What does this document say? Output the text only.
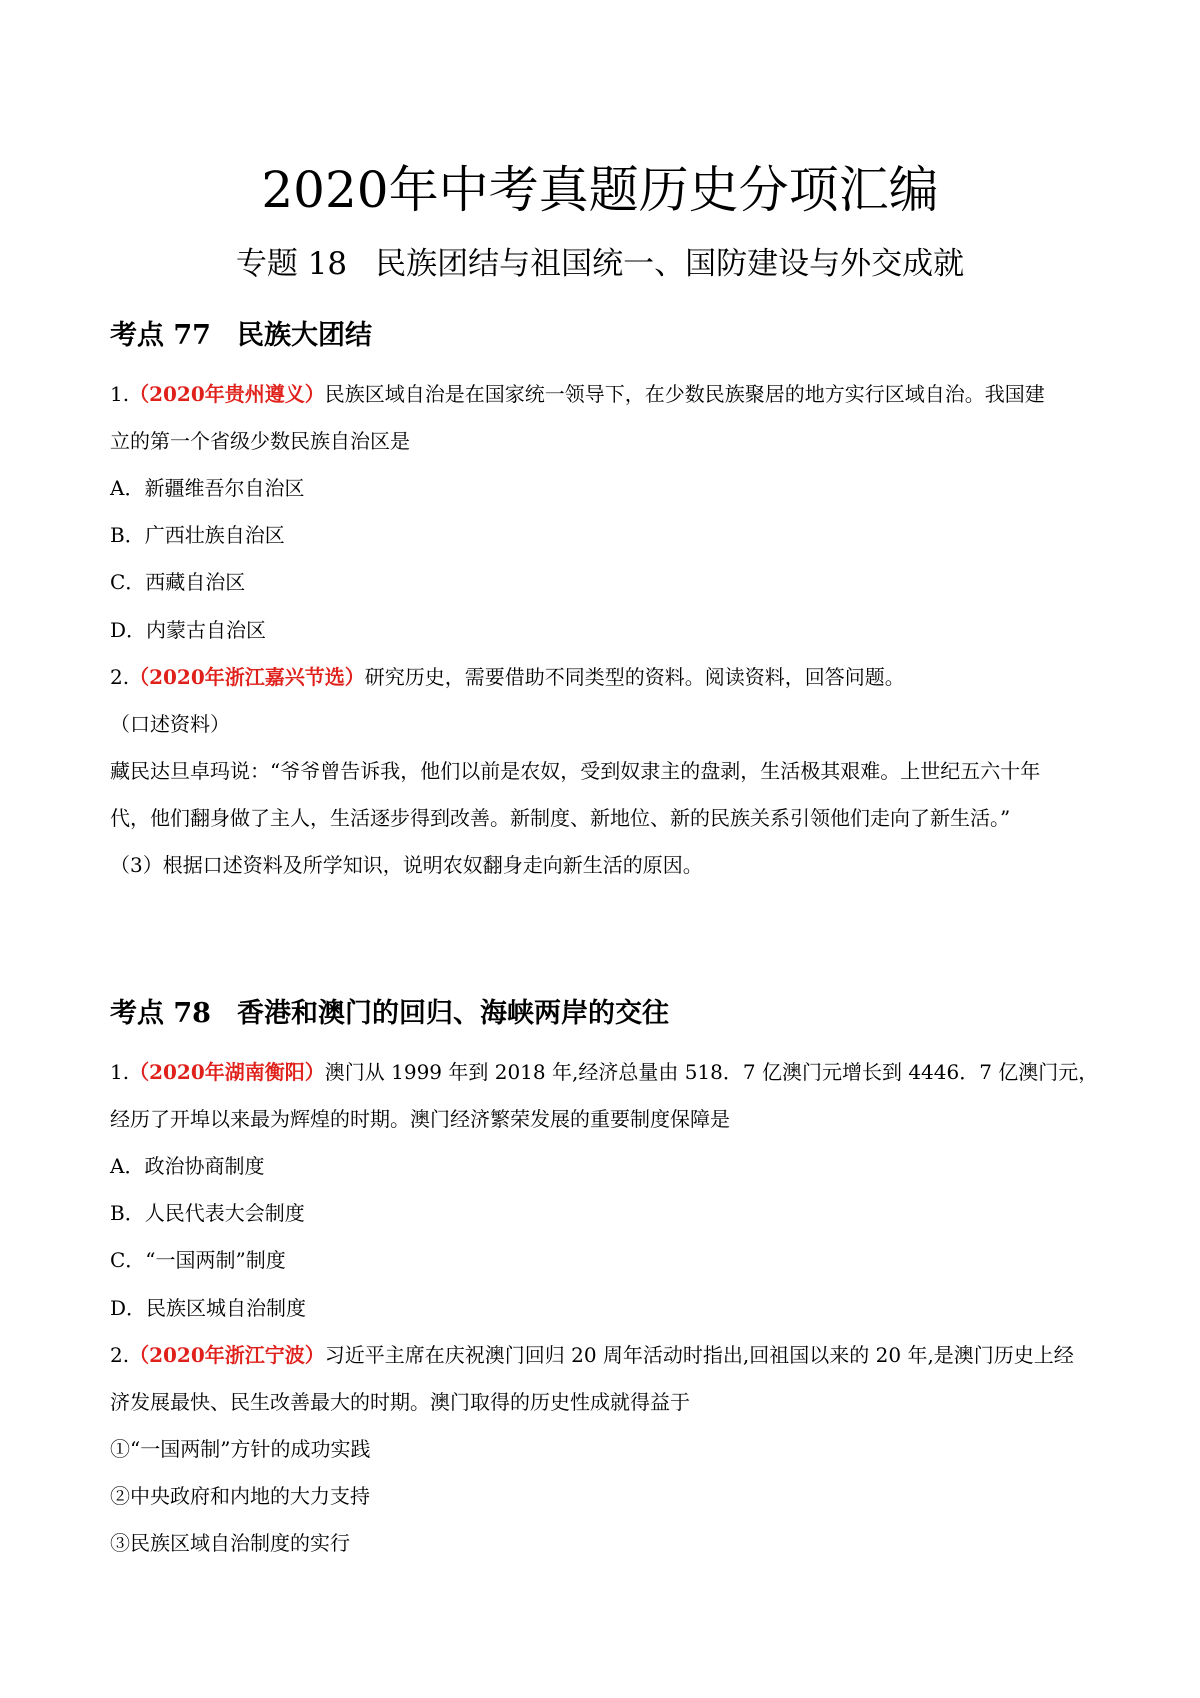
2020年中考真题历史分项汇编
专题 18 民族团结与祖国统一、国防建设与外交成就
考点 77 民族大团结
1.（2020年贵州遵义）民族区域自治是在国家统一领导下，在少数民族聚居的地方实行区域自治。我国建
立的第一个省级少数民族自治区是
A．新疆维吾尔自治区
B．广西壮族自治区
C．西藏自治区
D．内蒙古自治区
2.（2020年浙江嘉兴节选）研究历史，需要借助不同类型的资料。阅读资料，回答问题。
（口述资料）
藏民达旦卓玛说：“爷爷曾告诉我，他们以前是农奴，受到奴隶主的盘剥，生活极其艰难。上世纪五六十年
代，他们翻身做了主人，生活逐步得到改善。新制度、新地位、新的民族关系引领他们走向了新生活。”
（3）根据口述资料及所学知识，说明农奴翻身走向新生活的原因。
考点 78 香港和澳门的回归、海峡两岸的交往
1.（2020年湖南衡阳）澳门从 1999 年到 2018 年,经济总量由 518．7 亿澳门元增长到 4446．7 亿澳门元，
经历了开埠以来最为辉煌的时期。澳门经济繁荣发展的重要制度保障是
A．政治协商制度
B．人民代表大会制度
C．“一国两制”制度
D．民族区城自治制度
2.（2020年浙江宁波）习近平主席在庆祝澳门回归 20 周年活动时指出,回祖国以来的 20 年,是澳门历史上经
济发展最快、民生改善最大的时期。澳门取得的历史性成就得益于
①“一国两制”方针的成功实践
②中央政府和内地的大力支持
③民族区域自治制度的实行
